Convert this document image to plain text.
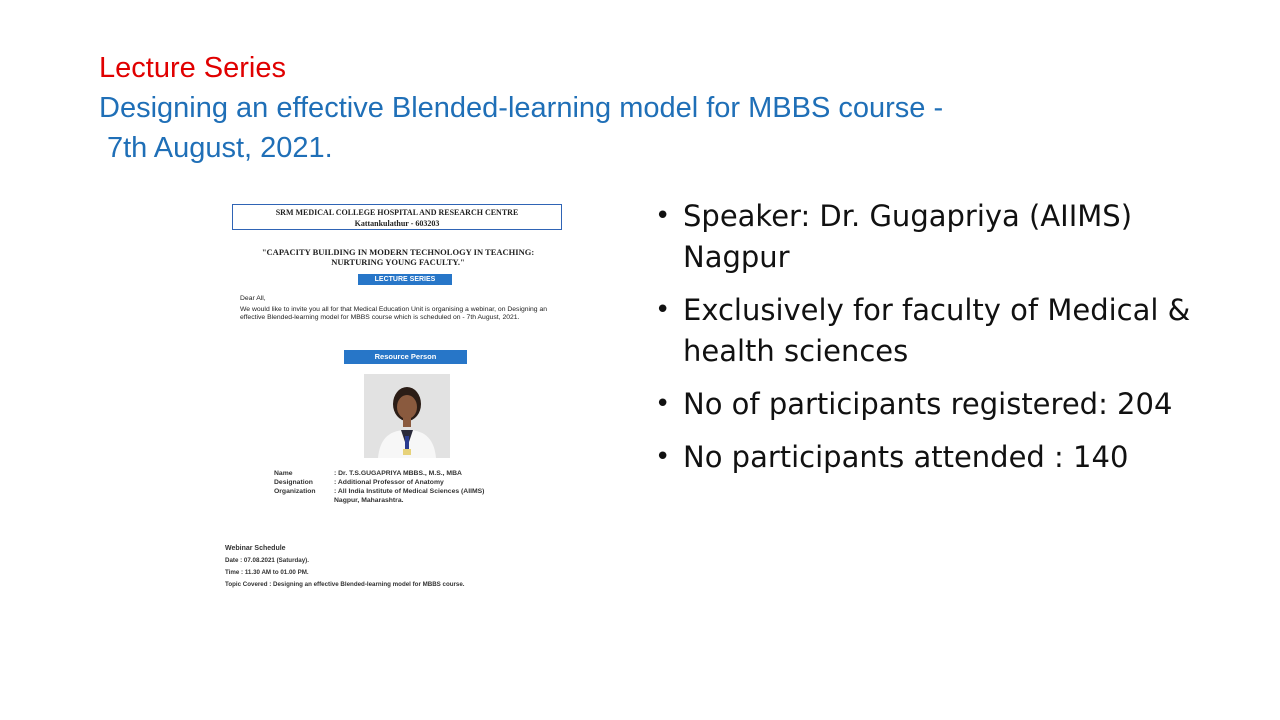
Lecture Series
Designing an effective Blended-learning model for MBBS course -
7th August, 2021.
SRM MEDICAL COLLEGE HOSPITAL AND RESEARCH CENTRE
Kattankulathur - 603203
"CAPACITY BUILDING IN MODERN TECHNOLOGY IN TEACHING:
NURTURING YOUNG FACULTY."
LECTURE SERIES
Dear All,
We would like to invite you all for that Medical Education Unit is organising a webinar, on Designing an effective Blended-learning model for MBBS course which is scheduled on - 7th August, 2021.
Resource Person
Name	: Dr. T.S.GUGAPRIYA MBBS., M.S., MBA
Designation	: Additional Professor of Anatomy
Organization	: All India Institute of Medical Sciences (AIIMS)
Nagpur, Maharashtra.
Webinar Schedule
Date : 07.08.2021 (Saturday).
Time : 11.30 AM to 01.00 PM.
Topic Covered : Designing an effective Blended-learning model for MBBS course.
• Speaker: Dr. Gugapriya (AIIMS) Nagpur
• Exclusively for faculty of Medical & health sciences
• No of participants registered: 204
• No participants attended : 140
